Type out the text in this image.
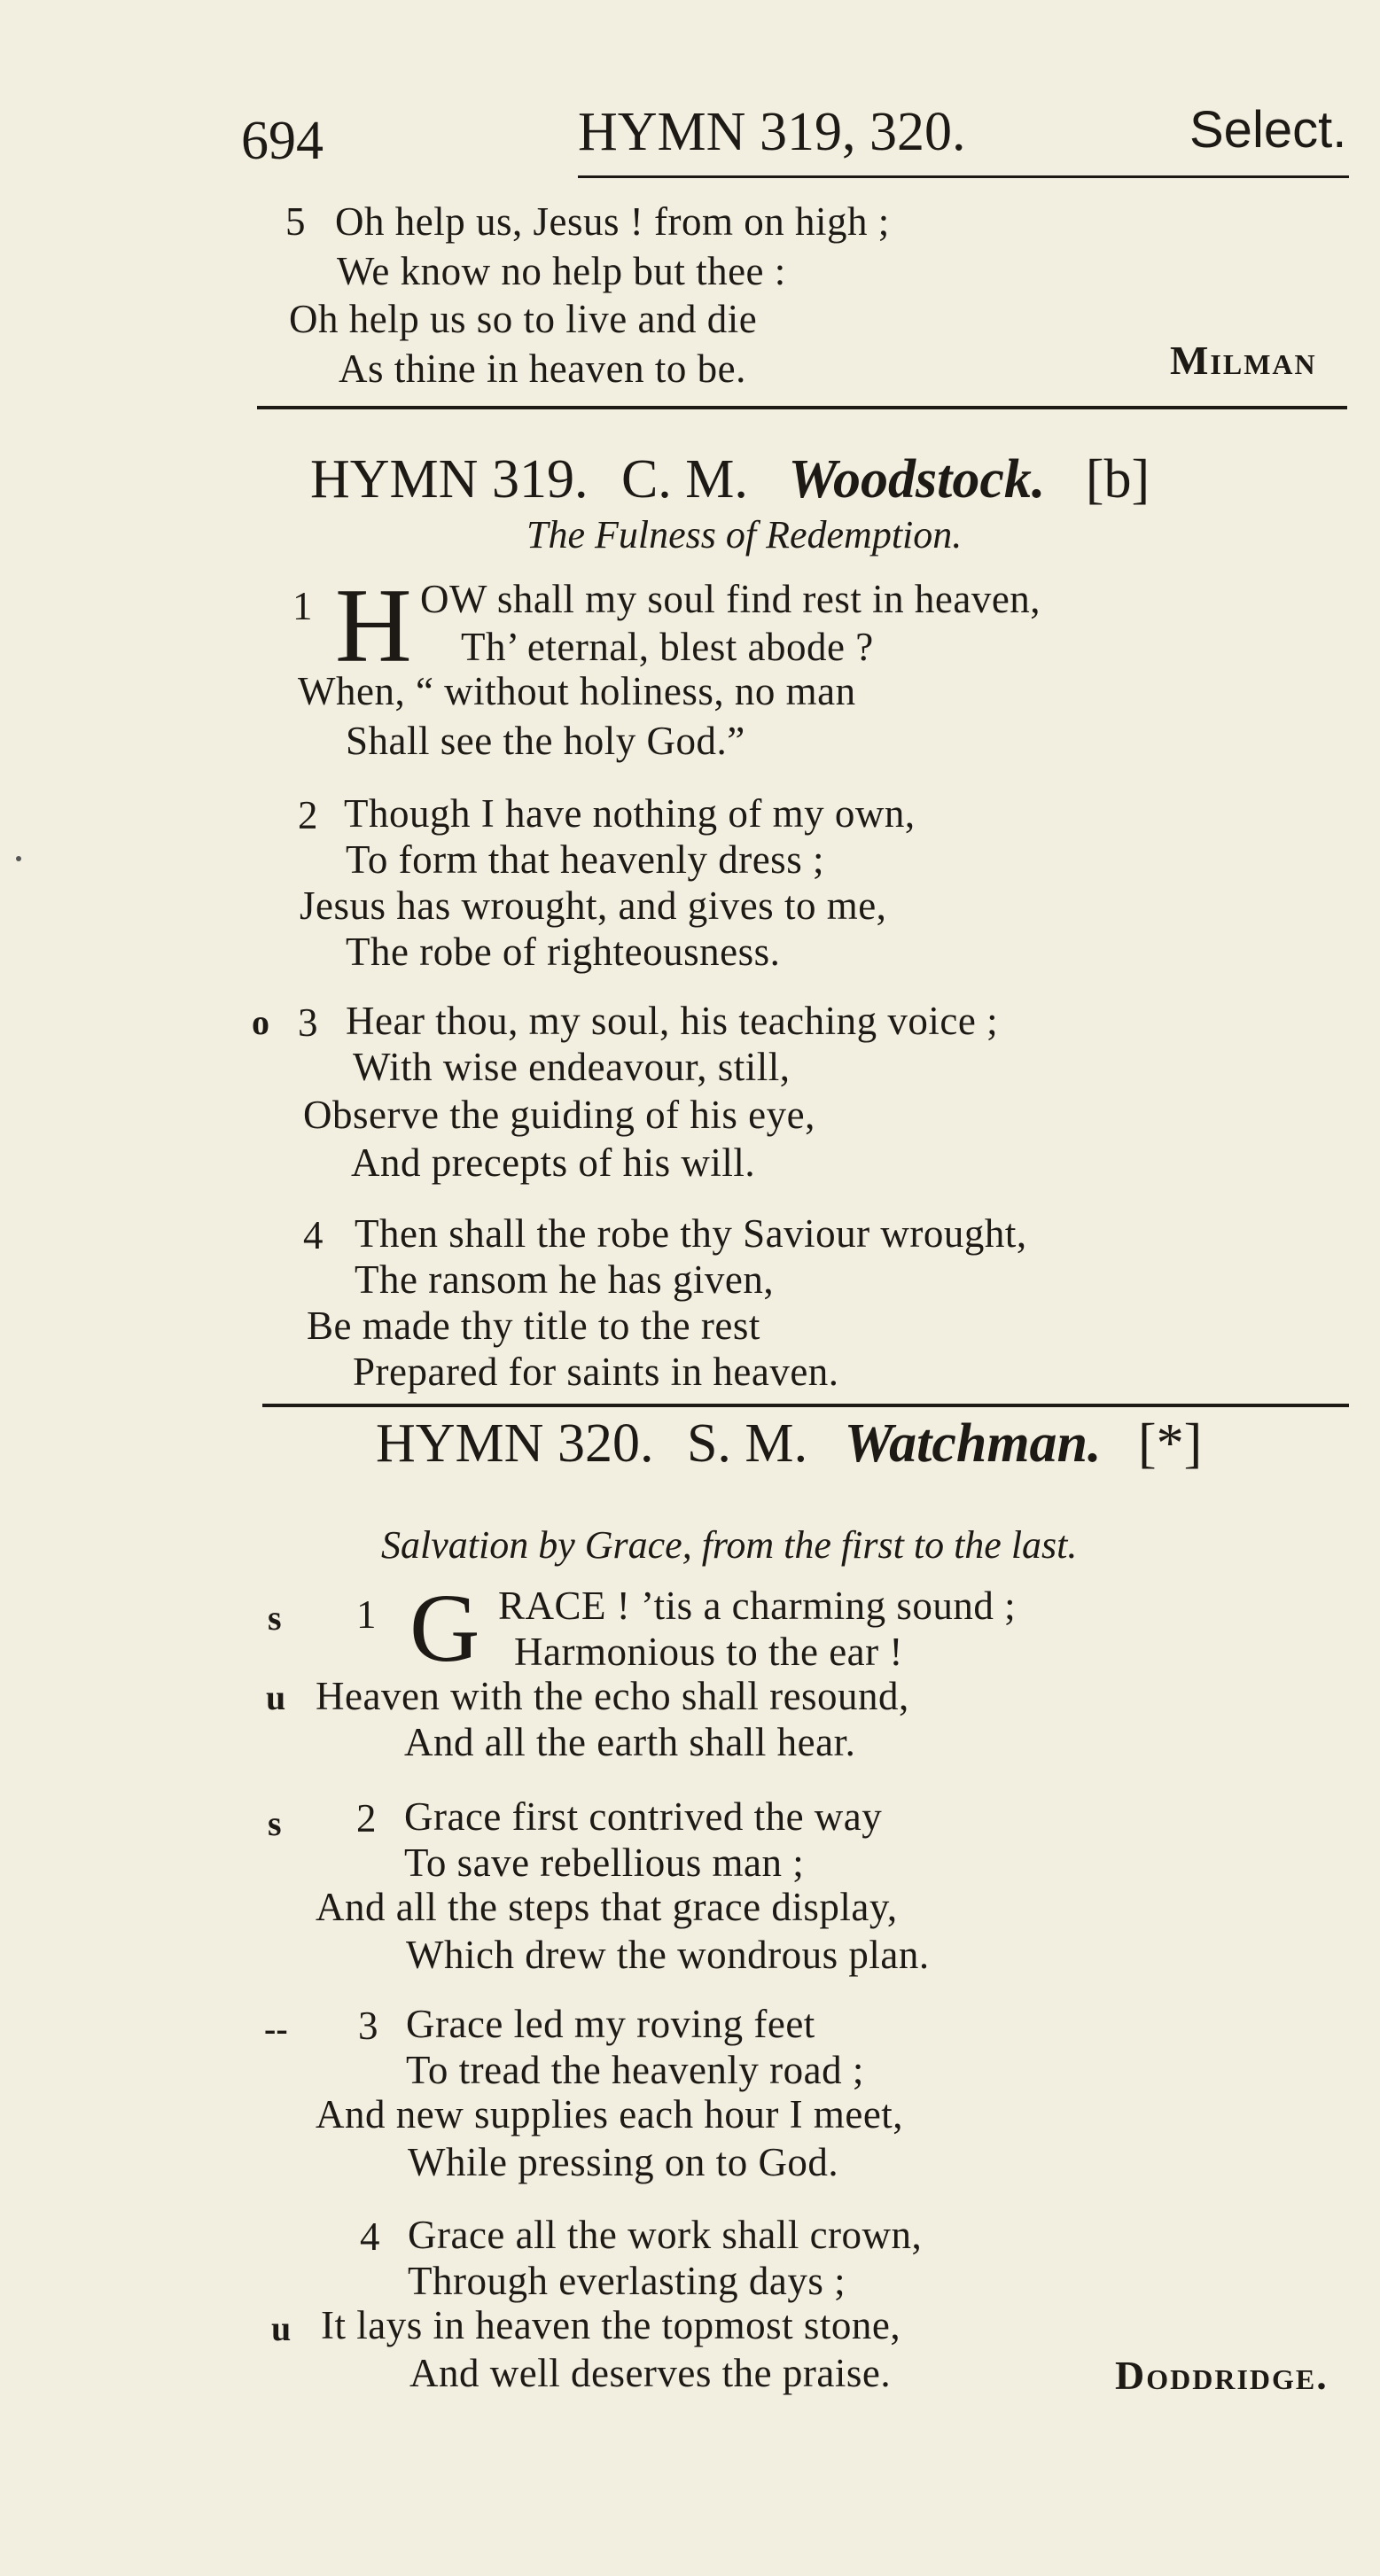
694	HYMN 319, 320.	Select.
5 Oh help us, Jesus ! from on high ;
We know no help but thee :
Oh help us so to live and die
As thine in heaven to be.	Milman
HYMN 319. C. M. Woodstock. [b]
The Fulness of Redemption.
1 H OW shall my soul find rest in heaven,
Th’ eternal, blest abode ?
When, “ without holiness, no man
Shall see the holy God.”
2 Though I have nothing of my own,
To form that heavenly dress ;
Jesus has wrought, and gives to me,
The robe of righteousness.
o 3 Hear thou, my soul, his teaching voice ;
With wise endeavour, still,
Observe the guiding of his eye,
And precepts of his will.
4 Then shall the robe thy Saviour wrought,
The ransom he has given,
Be made thy title to the rest
Prepared for saints in heaven.
HYMN 320. S. M. Watchman. [*]
Salvation by Grace, from the first to the last.
s 1 G RACE ! ’tis a charming sound ;
Harmonious to the ear !
u Heaven with the echo shall resound,
And all the earth shall hear.
s 2 Grace first contrived the way
To save rebellious man ;
And all the steps that grace display,
Which drew the wondrous plan.
-- 3 Grace led my roving feet
To tread the heavenly road ;
And new supplies each hour I meet,
While pressing on to God.
4 Grace all the work shall crown,
Through everlasting days ;
u It lays in heaven the topmost stone,
And well deserves the praise.	Doddridge.
